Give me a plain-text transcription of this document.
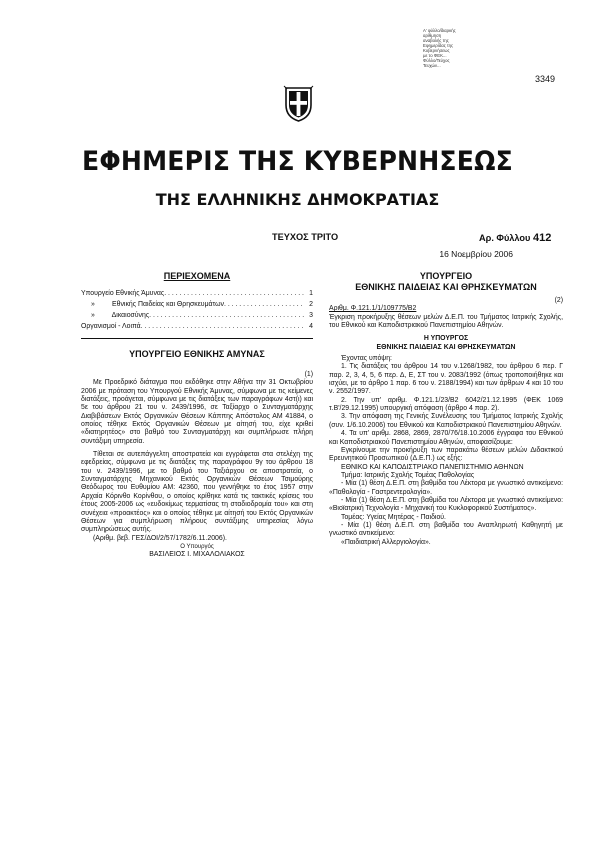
Α' φύλλο/διαρκής
αρίθμηση
αναβολής της
Εφημερίδας της
Κυβερνήσεως
με το ΦΕΚ...
Φύλλο/Τεύχος
Τευχών...
3349
ΕΦΗΜΕΡΙΣ ΤΗΣ ΚΥΒΕΡΝΗΣΕΩΣ
ΤΗΣ ΕΛΛΗΝΙΚΗΣ ΔΗΜΟΚΡΑΤΙΑΣ
ΤΕΥΧΟΣ ΤΡΙΤΟ	Αρ. Φύλλου 412
16 Νοεμβρίου 2006
ΠΕΡΙΕΧΟΜΕΝΑ
Υπουργείο Εθνικής Άμυνας . . .	1
»         Εθνικής Παιδείας και Θρησκευμάτων . . .	2
»         Δικαιοσύνης . . .	3
Οργανισμοί - Λοιπά . . .	4
ΥΠΟΥΡΓΕΙΟ ΕΘΝΙΚΗΣ ΑΜΥΝΑΣ
(1)

Με Προεδρικό διάταγμα που εκδόθηκε στην Αθήνα την 31 Οκτωβρίου 2006 με πρόταση του Υπουργού Εθνικής Άμυνας, σύμφωνα με τις κείμενες διατάξεις, προάγεται, σύμφωνα με τις διατάξεις των παραγράφων 4στ(ι) και 5ε του άρθρου 21 του ν. 2439/1996, σε Ταξίαρχο ο Συνταγματάρχης Διαβιβάσεων Εκτός Οργανικών Θέσεων Κάππης Απόστολος ΑΜ 41884, ο οποίος τέθηκε Εκτός Οργανικών Θέσεων με αίτησή του, είχε κριθεί «διατηρητέος» στο βαθμό του Συνταγματάρχη και συμπλήρωσε πλήρη συντάξιμη υπηρεσία.

Τίθεται σε αυτεπάγγελτη αποστρατεία και εγγράφεται στα στελέχη της εφεδρείας, σύμφωνα με τις διατάξεις της παραγράφου 9γ του άρθρου 18 του ν. 2439/1996, με το βαθμό του Ταξιάρχου σε αποστρατεία, ο Συνταγματάρχης Μηχανικού Εκτός Οργανικών Θέσεων Τσιμούρης Θεόδωρος του Ευθυμίου ΑΜ: 42360, που γεννήθηκε το έτος 1957 στην Αρχαία Κόρινθο Κορίνθου, ο οποίος κρίθηκε κατά τις τακτικές κρίσεις του έτους 2005-2006 ως «ευδοκίμως τερματίσας τη σταδιοδρομία του» και στη συνέχεια «προακτέος» και ο οποίος τέθηκε με αίτησή του Εκτός Οργανικών Θέσεων για συμπλήρωση πλήρους συντάξιμης υπηρεσίας λόγω συμπληρώσεως αυτής.

(Αριθμ. βεβ. ΓΕΣ/ΔΟΙ/2/57/1782/6.11.2006).

Ο Υπουργός

ΒΑΣΙΛΕΙΟΣ Ι. ΜΙΧΑΛΟΛΙΑΚΟΣ

ΥΠΟΥΡΓΕΙΟ
ΕΘΝΙΚΗΣ ΠΑΙΔΕΙΑΣ ΚΑΙ ΘΡΗΣΚΕΥΜΑΤΩΝ
(2)

Αριθμ. Φ.121.1/1/109775/Β2

Έγκριση προκήρυξης θέσεων μελών Δ.Ε.Π. του Τμήματος Ιατρικής Σχολής, του Εθνικού και Καποδιστριακού Πανεπιστημίου Αθηνών.

Η ΥΠΟΥΡΓΟΣ

ΕΘΝΙΚΗΣ ΠΑΙΔΕΙΑΣ ΚΑΙ ΘΡΗΣΚΕΥΜΑΤΩΝ

Έχοντας υπόψη:

1. Τις διατάξεις του άρθρου 14 του ν.1268/1982, του άρθρου 6 περ. Γ παρ. 2, 3, 4, 5, 6 περ. Δ, Ε, ΣΤ του ν. 2083/1992 (όπως τροποποιήθηκε και ισχύει, με το άρθρο 1 παρ. 6 του ν. 2188/1994) και των άρθρων 4 και 10 του ν. 2552/1997.

2. Την υπ' αριθμ. Φ.121.1/23/Β2 6042/21.12.1995 (ΦΕΚ 1069 τ.Β'/29.12.1995) υπουργική απόφαση (άρθρο 4 παρ. 2).

3. Την απόφαση της Γενικής Συνέλευσης του Τμήματος Ιατρικής Σχολής (συν. 1/6.10.2006) του Εθνικού και Καποδιστριακού Πανεπιστημίου Αθηνών.

4. Τα υπ' αριθμ. 2868, 2869, 2870/76/18.10.2006 έγγραφα του Εθνικού και Καποδιστριακού Πανεπιστημίου Αθηνών, αποφασίζουμε:

Εγκρίνουμε την προκήρυξη των παρακάτω θέσεων μελών Διδακτικού Ερευνητικού Προσωπικού (Δ.Ε.Π.) ως εξής:

ΕΘΝΙΚΟ ΚΑΙ ΚΑΠΟΔΙΣΤΡΙΑΚΟ ΠΑΝΕΠΙΣΤΗΜΙΟ ΑΘΗΝΩΝ

Τμήμα: Ιατρικής Σχολής Τομέας Παθολογίας

- Μία (1) θέση Δ.Ε.Π. στη βαθμίδα του Λέκτορα με γνωστικό αντικείμενο: «Παθολογία - Γαστρεντερολογία».

- Μία (1) θέση Δ.Ε.Π. στη βαθμίδα του Λέκτορα με γνωστικό αντικείμενο: «Βιοϊατρική Τεχνολογία - Μηχανική του Κυκλοφορικού Συστήματος».

Τομέας: Υγείας Μητέρας - Παιδιού.

- Μία (1) θέση Δ.Ε.Π. στη βαθμίδα του Αναπληρωτή Καθηγητή με γνωστικό αντικείμενο:

«Παιδιατρική Αλλεργιολογία».
